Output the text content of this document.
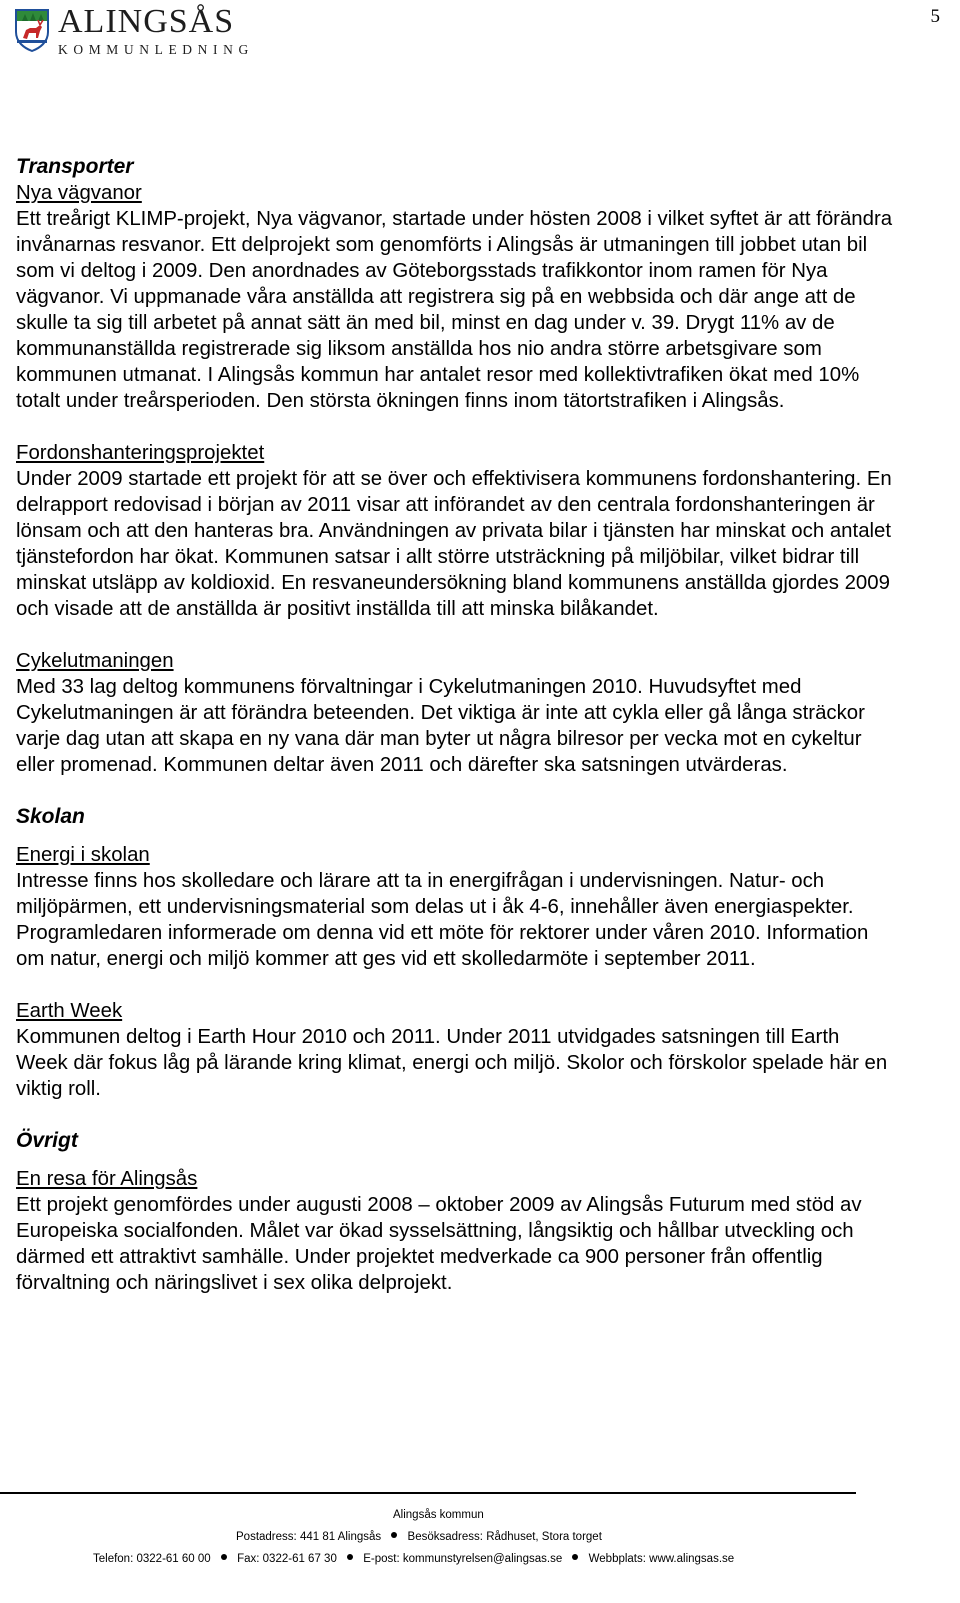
5
ALINGSÅS
KOMMUNLEDNING
Transporter
Nya vägvanor

Ett treårigt KLIMP-projekt, Nya vägvanor, startade under hösten 2008 i vilket syftet är att förändra invånarnas resvanor. Ett delprojekt som genomförts i Alingsås är utmaningen till jobbet utan bil som vi deltog i 2009. Den anordnades av Göteborgsstads trafikkontor inom ramen för Nya vägvanor. Vi uppmanade våra anställda att registrera sig på en webbsida och där ange att de skulle ta sig till arbetet på annat sätt än med bil, minst en dag under v. 39. Drygt 11% av de kommunanställda registrerade sig liksom anställda hos nio andra större arbetsgivare som kommunen utmanat. I Alingsås kommun har antalet resor med kollektivtrafiken ökat med 10% totalt under treårsperioden. Den största ökningen finns inom tätortstrafiken i Alingsås.

Fordonshanteringsprojektet

Under 2009 startade ett projekt för att se över och effektivisera kommunens fordonshantering. En delrapport redovisad i början av 2011 visar att införandet av den centrala fordonshanteringen är lönsam och att den hanteras bra. Användningen av privata bilar i tjänsten har minskat och antalet tjänstefordon har ökat. Kommunen satsar i allt större utsträckning på miljöbilar, vilket bidrar till minskat utsläpp av koldioxid. En resvaneundersökning bland kommunens anställda gjordes 2009 och visade att de anställda är positivt inställda till att minska bilåkandet.

Cykelutmaningen

Med 33 lag deltog kommunens förvaltningar i Cykelutmaningen 2010. Huvudsyftet med Cykelutmaningen är att förändra beteenden. Det viktiga är inte att cykla eller gå långa sträckor varje dag utan att skapa en ny vana där man byter ut några bilresor per vecka mot en cykeltur eller promenad. Kommunen deltar även 2011 och därefter ska satsningen utvärderas.

Skolan
Energi i skolan

Intresse finns hos skolledare och lärare att ta in energifrågan i undervisningen. Natur- och miljöpärmen, ett undervisningsmaterial som delas ut i åk 4-6, innehåller även energiaspekter. Programledaren informerade om denna vid ett möte för rektorer under våren 2010. Information om natur, energi och miljö kommer att ges vid ett skolledarmöte i september 2011.

Earth Week

Kommunen deltog i Earth Hour 2010 och 2011. Under 2011 utvidgades satsningen till Earth Week där fokus låg på lärande kring klimat, energi och miljö. Skolor och förskolor spelade här en viktig roll.

Övrigt
En resa för Alingsås

Ett projekt genomfördes under augusti 2008 – oktober 2009 av Alingsås Futurum med stöd av Europeiska socialfonden. Målet var ökad sysselsättning, långsiktig och hållbar utveckling och därmed ett attraktivt samhälle. Under projektet medverkade ca 900 personer från offentlig förvaltning och näringslivet i sex olika delprojekt.

Alingsås kommun
Postadress: 441 81 Alingsås Besöksadress: Rådhuset, Stora torget
Telefon: 0322-61 60 00 Fax: 0322-61 67 30 E-post: kommunstyrelsen@alingsas.se Webbplats: www.alingsas.se
